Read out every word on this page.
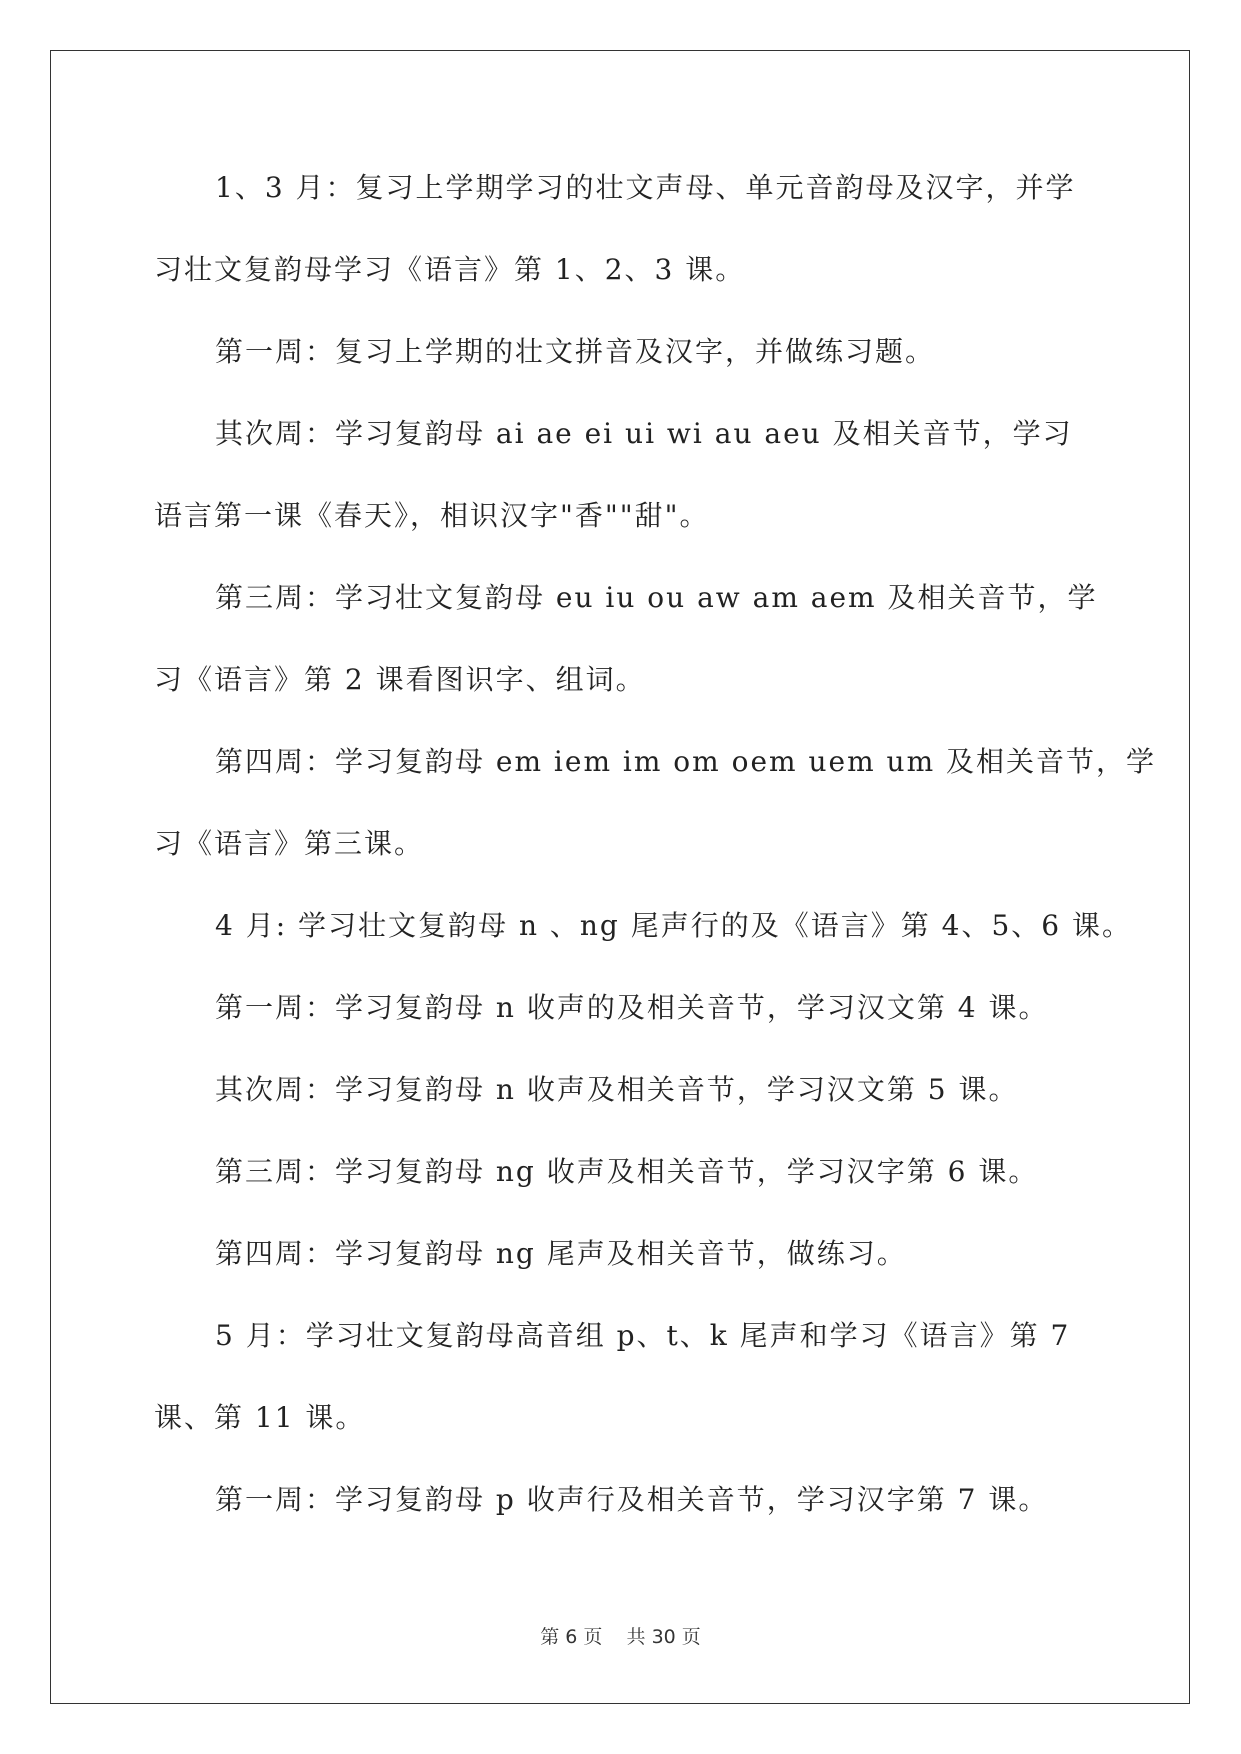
1、3 月：复习上学期学习的壮文声母、单元音韵母及汉字，并学
习壮文复韵母学习《语言》第 1、2、3 课。
第一周：复习上学期的壮文拼音及汉字，并做练习题。
其次周：学习复韵母 ai ae ei ui wi au aeu 及相关音节，学习
语言第一课《春天》，相识汉字"香""甜"。
第三周：学习壮文复韵母 eu iu ou aw am aem 及相关音节，学
习《语言》第 2 课看图识字、组词。
第四周：学习复韵母 em iem im om oem uem um 及相关音节，学
习《语言》第三课。
4 月: 学习壮文复韵母 n 、ng 尾声行的及《语言》第 4、5、6 课。
第一周：学习复韵母 n 收声的及相关音节，学习汉文第 4 课。
其次周：学习复韵母 n 收声及相关音节，学习汉文第 5 课。
第三周：学习复韵母 ng 收声及相关音节，学习汉字第 6 课。
第四周：学习复韵母 ng 尾声及相关音节，做练习。
5 月：学习壮文复韵母高音组 p、t、k 尾声和学习《语言》第 7
课、第 11 课。
第一周：学习复韵母 p 收声行及相关音节，学习汉字第 7 课。
第 6 页    共 30 页
